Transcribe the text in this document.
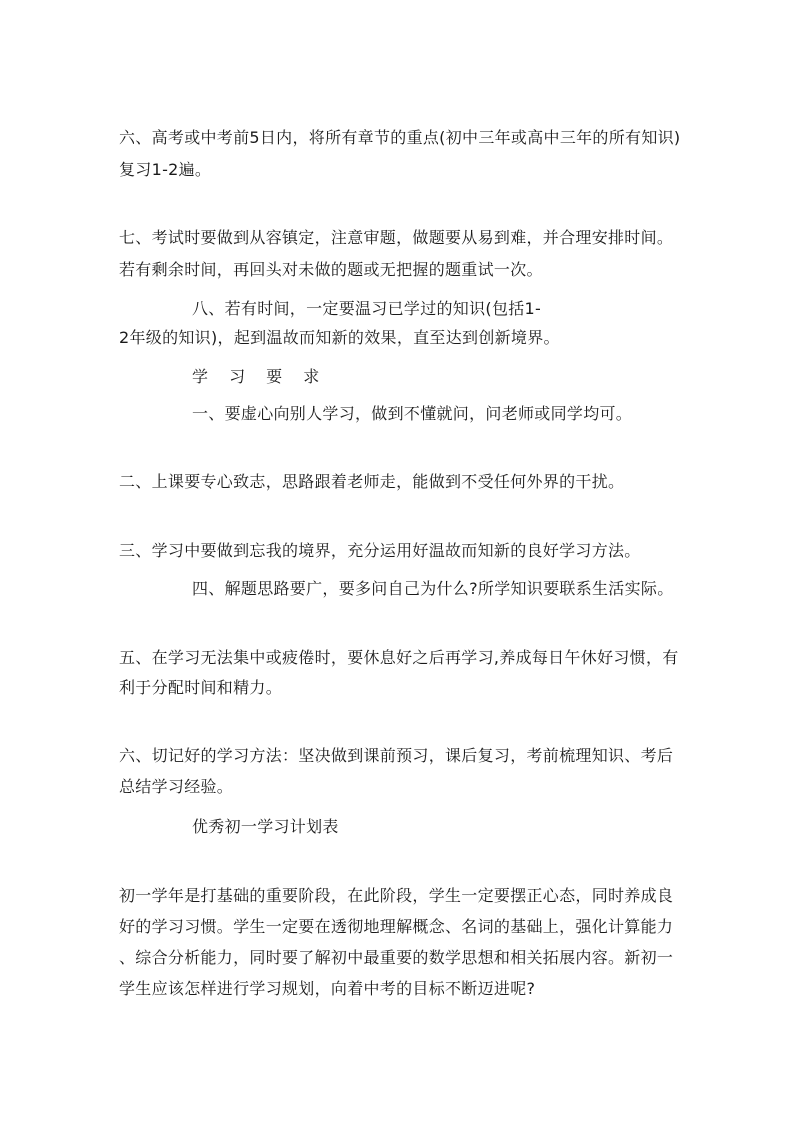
六、高考或中考前5日内，将所有章节的重点(初中三年或高中三年的所有知识)
复习1-2遍。
七、考试时要做到从容镇定，注意审题，做题要从易到难，并合理安排时间。
若有剩余时间，再回头对未做的题或无把握的题重试一次。
八、若有时间，一定要温习已学过的知识(包括1-
2年级的知识)，起到温故而知新的效果，直至达到创新境界。
学 习 要 求
一、要虚心向别人学习，做到不懂就问，问老师或同学均可。
二、上课要专心致志，思路跟着老师走，能做到不受任何外界的干扰。
三、学习中要做到忘我的境界，充分运用好温故而知新的良好学习方法。
四、解题思路要广，要多问自己为什么?所学知识要联系生活实际。
五、在学习无法集中或疲倦时，要休息好之后再学习,养成每日午休好习惯，有
利于分配时间和精力。
六、切记好的学习方法：坚决做到课前预习，课后复习，考前梳理知识、考后
总结学习经验。
优秀初一学习计划表
初一学年是打基础的重要阶段，在此阶段，学生一定要摆正心态，同时养成良
好的学习习惯。学生一定要在透彻地理解概念、名词的基础上，强化计算能力
、综合分析能力，同时要了解初中最重要的数学思想和相关拓展内容。新初一
学生应该怎样进行学习规划，向着中考的目标不断迈进呢?
